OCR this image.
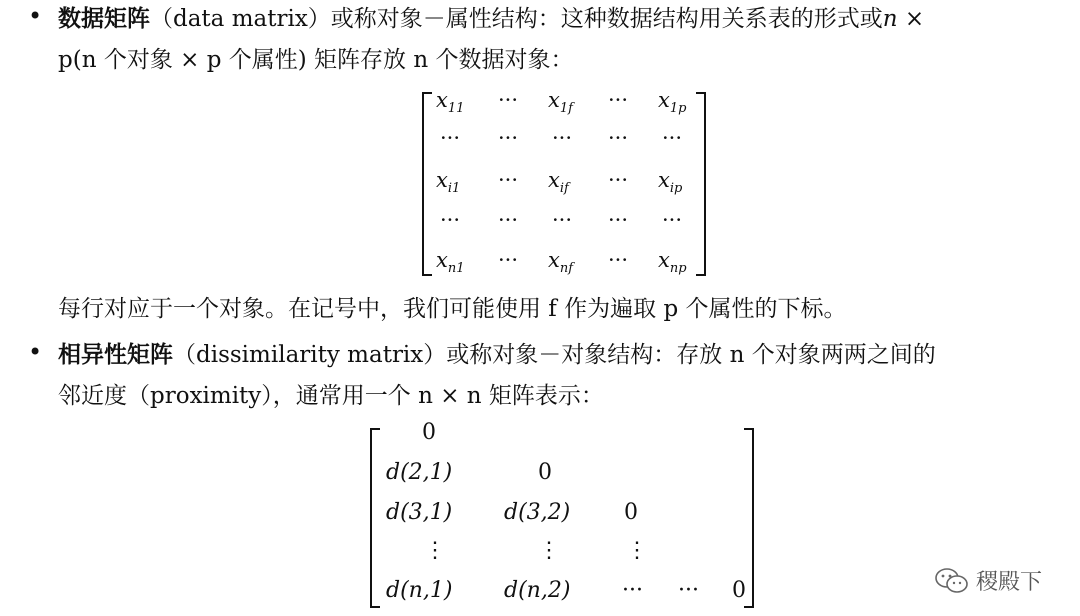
• 数据矩阵（data matrix）或称对象－属性结构：这种数据结构用关系表的形式或n ×
p(n 个对象 × p 个属性) 矩阵存放 n 个数据对象：
$x_{11}$ ··· $x_{1f}$ ··· $x_{1p}$
··· ··· ··· ··· ···
$x_{i1}$ ··· $x_{if}$ ··· $x_{ip}$
··· ··· ··· ··· ···
$x_{n1}$ ··· $x_{nf}$ ··· $x_{np}$
每行对应于一个对象。在记号中，我们可能使用 f 作为遍取 p 个属性的下标。
• 相异性矩阵（dissimilarity matrix）或称对象－对象结构：存放 n 个对象两两之间的
邻近度（proximity），通常用一个 n × n 矩阵表示：
0
d(2,1)	0
d(3,1) d(3,2) 0
⋮	⋮	⋮
d(n,1) d(n,2) ··· ··· 0	稷殿下
